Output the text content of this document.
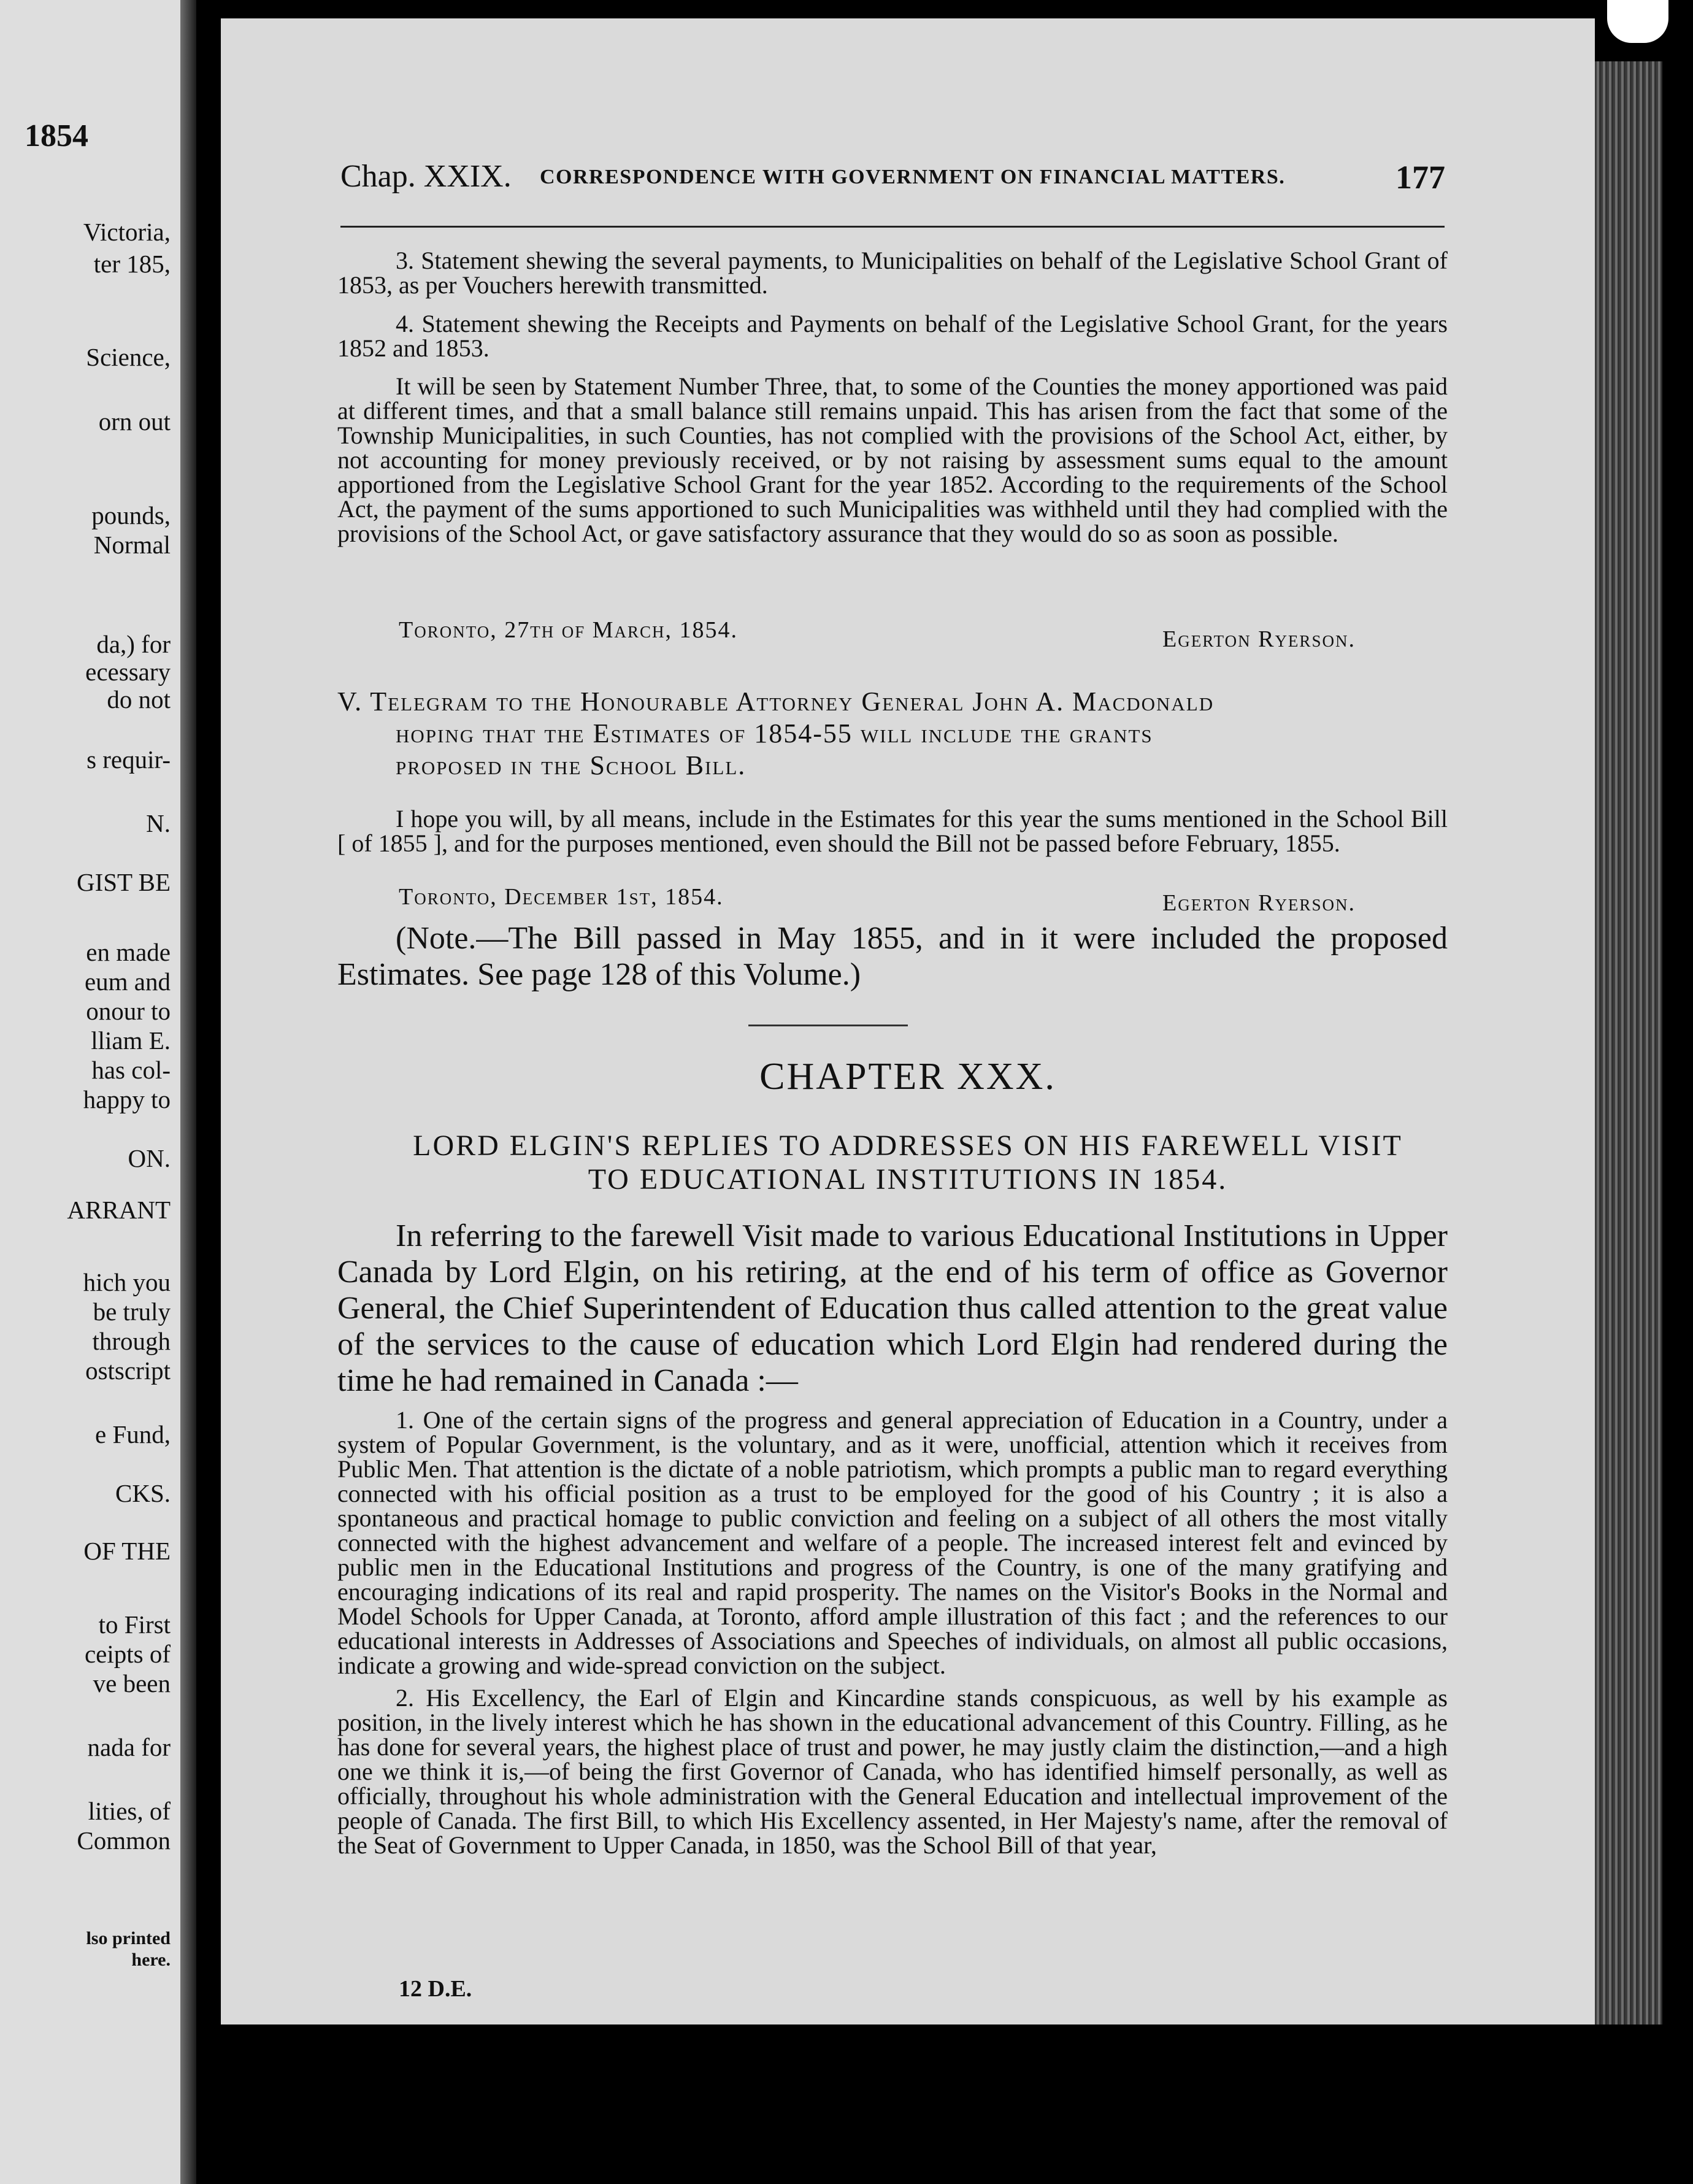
1854
Victoria,
ter 185,
Science,
orn out
pounds,
Normal
da,) for
ecessary
do not
s requir-
N.
GIST BE
en made
eum and
onour to
lliam E.
has col-
happy to
ON.
ARRANT
hich you
be truly
through
ostscript
e Fund,
CKS.
OF THE
to First
ceipts of
ve been
nada for
lities, of
Common
lso printed
here.
Chap. XXIX. CORRESPONDENCE WITH GOVERNMENT ON FINANCIAL MATTERS.	177

3. Statement shewing the several payments, to Municipalities on behalf of the Legislative School Grant of 1853, as per Vouchers herewith transmitted.

4. Statement shewing the Receipts and Payments on behalf of the Legislative School Grant, for the years 1852 and 1853.

It will be seen by Statement Number Three, that, to some of the Counties the money apportioned was paid at different times, and that a small balance still remains unpaid. This has arisen from the fact that some of the Township Municipalities, in such Counties, has not complied with the provisions of the School Act, either, by not accounting for money previously received, or by not raising by assessment sums equal to the amount apportioned from the Legislative School Grant for the year 1852. According to the requirements of the School Act, the payment of the sums apportioned to such Municipalities was withheld until they had complied with the provisions of the School Act, or gave satisfactory assurance that they would do so as soon as possible.

Toronto, 27th of March, 1854.	Egerton Ryerson.
V. Telegram to the Honourable Attorney General John A. Macdonald
hoping that the Estimates of 1854-55 will include the grants
proposed in the School Bill.

I hope you will, by all means, include in the Estimates for this year the sums mentioned in the School Bill [ of 1855 ], and for the purposes mentioned, even should the Bill not be passed before February, 1855.

Toronto, December 1st, 1854.	Egerton Ryerson.

(Note.—The Bill passed in May 1855, and in it were included the proposed Estimates. See page 128 of this Volume.)

CHAPTER XXX.
LORD ELGIN'S REPLIES TO ADDRESSES ON HIS FAREWELL VISIT
TO EDUCATIONAL INSTITUTIONS IN 1854.

In referring to the farewell Visit made to various Educational Institutions in Upper Canada by Lord Elgin, on his retiring, at the end of his term of office as Governor General, the Chief Superintendent of Education thus called attention to the great value of the services to the cause of education which Lord Elgin had rendered during the time he had remained in Canada :—

1. One of the certain signs of the progress and general appreciation of Education in a Country, under a system of Popular Government, is the voluntary, and as it were, unofficial, attention which it receives from Public Men. That attention is the dictate of a noble patriotism, which prompts a public man to regard everything connected with his official position as a trust to be employed for the good of his Country ; it is also a spontaneous and practical homage to public conviction and feeling on a subject of all others the most vitally connected with the highest advancement and welfare of a people. The increased interest felt and evinced by public men in the Educational Institutions and progress of the Country, is one of the many gratifying and encouraging indications of its real and rapid prosperity. The names on the Visitor's Books in the Normal and Model Schools for Upper Canada, at Toronto, afford ample illustration of this fact ; and the references to our educational interests in Addresses of Associations and Speeches of individuals, on almost all public occasions, indicate a growing and wide-spread conviction on the subject.

2. His Excellency, the Earl of Elgin and Kincardine stands conspicuous, as well by his example as position, in the lively interest which he has shown in the educational advancement of this Country. Filling, as he has done for several years, the highest place of trust and power, he may justly claim the distinction,—and a high one we think it is,—of being the first Governor of Canada, who has identified himself personally, as well as officially, throughout his whole administration with the General Education and intellectual improvement of the people of Canada. The first Bill, to which His Excellency assented, in Her Majesty's name, after the removal of the Seat of Government to Upper Canada, in 1850, was the School Bill of that year,

12 D.E.
